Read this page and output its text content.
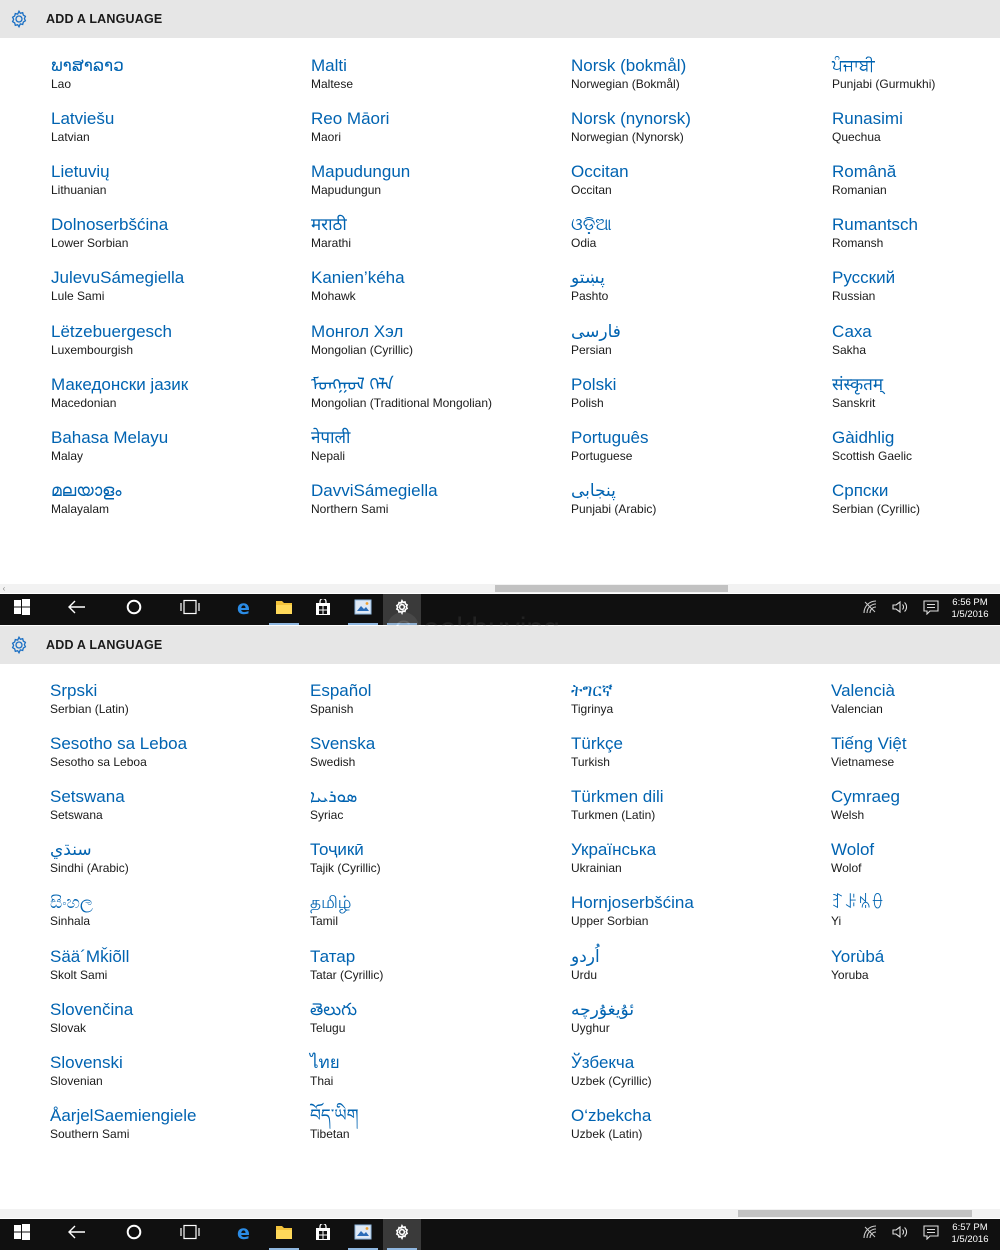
ADD A LANGUAGE
ພາສາລາວ
Lao
Latviešu
Latvian
Lietuvių
Lithuanian
Dolnoserbšćina
Lower Sorbian
JulevuSámegiella
Lule Sami
Lëtzebuergesch
Luxembourgish
Македонски јазик
Macedonian
Bahasa Melayu
Malay
മലയാളം
Malayalam
Malti
Maltese
Reo Māori
Maori
Mapudungun
Mapudungun
मराठी
Marathi
Kanien’kéha
Mohawk
Монгол Хэл
Mongolian (Cyrillic)
ᠮᠣᠩᠭᠣᠯ ᠬᠡᠯᠡ
Mongolian (Traditional Mongolian)
नेपाली
Nepali
DavviSámegiella
Northern Sami
Norsk (bokmål)
Norwegian (Bokmål)
Norsk (nynorsk)
Norwegian (Nynorsk)
Occitan
Occitan
ଓଡ଼ିଆ
Odia
پښتو
Pashto
فارسی
Persian
Polski
Polish
Português
Portuguese
پنجابی
Punjabi (Arabic)
ਪੰਜਾਬੀ
Punjabi (Gurmukhi)
Runasimi
Quechua
Română
Romanian
Rumantsch
Romansh
Русский
Russian
Саха
Sakha
संस्कृतम्
Sanskrit
Gàidhlig
Scottish Gaelic
Српски
Serbian (Cyrillic)
‹
e	6:56 PM
1/5/2016
ADD A LANGUAGE
Srpski
Serbian (Latin)
Sesotho sa Leboa
Sesotho sa Leboa
Setswana
Setswana
سنڌي
Sindhi (Arabic)
සිංහල
Sinhala
Sää´Mǩiõll
Skolt Sami
Slovenčina
Slovak
Slovenski
Slovenian
ÅarjelSaemiengiele
Southern Sami
Español
Spanish
Svenska
Swedish
ܣܘܪܝܝܐ
Syriac
Тоҷикӣ
Tajik (Cyrillic)
தமிழ்
Tamil
Татар
Tatar (Cyrillic)
తెలుగు
Telugu
ไทย
Thai
བོད་ཡིག
Tibetan
ትግርኛ
Tigrinya
Türkçe
Turkish
Türkmen dili
Turkmen (Latin)
Українська
Ukrainian
Hornjoserbšćina
Upper Sorbian
اُردو
Urdu
ئۇيغۇرچە
Uyghur
Ўзбекча
Uzbek (Cyrillic)
O‘zbekcha
Uzbek (Latin)
Valencià
Valencian
Tiếng Việt
Vietnamese
Cymraeg
Welsh
Wolof
Wolof
ꆈꌠꁱꂷ
Yi
Yorùbá
Yoruba
e	6:57 PM
1/5/2016
